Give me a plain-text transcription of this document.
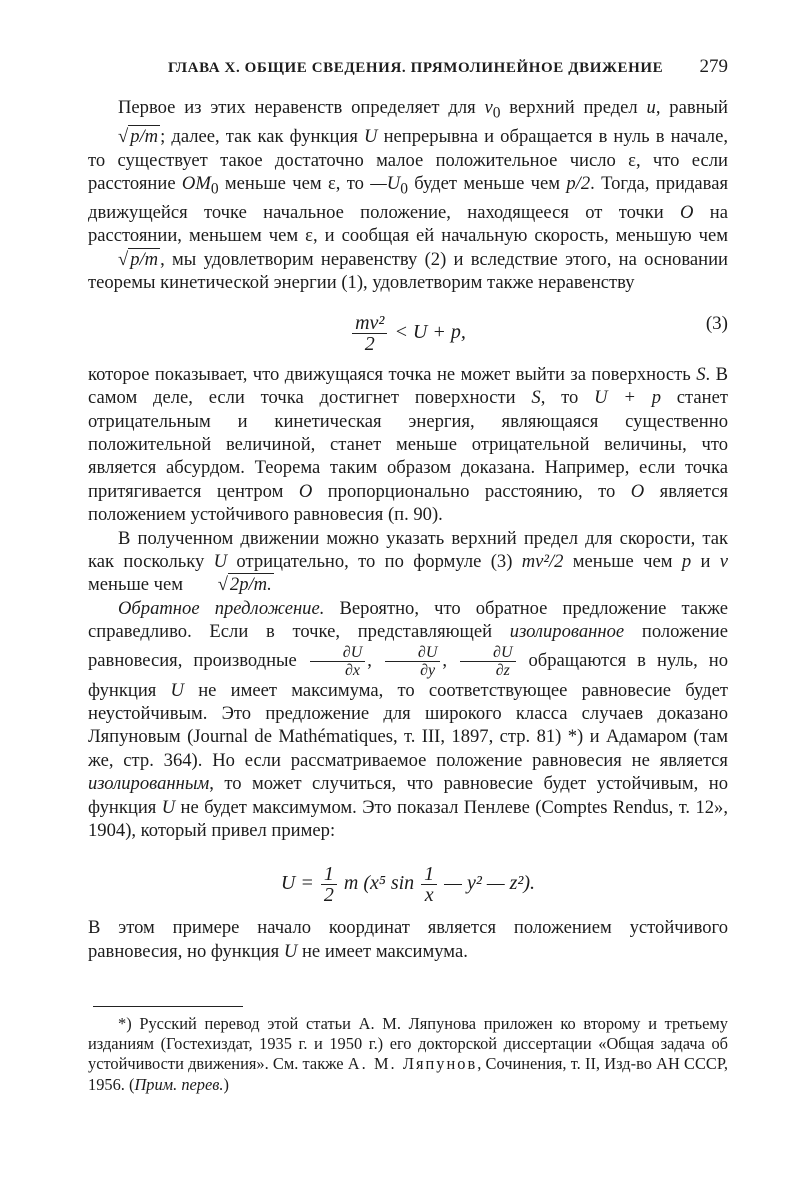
ГЛАВА X. ОБЩИЕ СВЕДЕНИЯ. ПРЯМОЛИНЕЙНОЕ ДВИЖЕНИЕ 279

Первое из этих неравенств определяет для $v_0$ верхний предел u, равный √ p/m ; далее, так как функция U непрерывна и обращается в нуль в начале, то существует такое достаточно малое положительное число ε, что если расстояние $OM_0$ меньше чем ε, то $—U_0$ будет меньше чем p/2. Тогда, придавая движущейся точке начальное положение, находящееся от точки O на расстоянии, меньшем чем ε, и сообщая ей начальную скорость, меньшую чем √ p/m , мы удовлетворим неравенству (2) и вследствие этого, на основании теоремы кинетической энергии (1), удовлетворим также неравенству

$\frac{\text{mv²}}{2} < U + p$,	(3)

которое показывает, что движущаяся точка не может выйти за поверхность S. В самом деле, если точка достигнет поверхности S, то U + p станет отрицательным и кинетическая энергия, являющаяся существенно положительной величиной, станет меньше отрицательной величины, что является абсурдом. Теорема таким образом доказана. Например, если точка притягивается центром O пропорционально расстоянию, то O является положением устойчивого равновесия (п. 90).

В полученном движении можно указать верхний предел для скорости, так как поскольку U отрицательно, то по формуле (3) mv²/2 меньше чем p и v меньше чем √ 2p/m.

Обратное предложение. Вероятно, что обратное предложение также справедливо. Если в точке, представляющей изолированное положение равновесия, производные $\frac{\partial U}{\partial x}$ , $\frac{\partial U}{\partial y}$ , $\frac{\partial U}{\partial z}$ обращаются в нуль, но функция U не имеет максимума, то соответствующее равновесие будет неустойчивым. Это предложение для широкого класса случаев доказано Ляпуновым (Journal de Mathématiques, т. III, 1897, стр. 81) *) и Адамаром (там же, стр. 364). Но если рассматриваемое положение равновесия не является изолированным, то может случиться, что равновесие будет устойчивым, но функция U не будет максимумом. Это показал Пенлеве (Comptes Rendus, т. 12», 1904), который привел пример:

$U = \frac{1}{2}$ m (x⁵ $\sin \frac{1}{x}$ — y² — z²).

В этом примере начало координат является положением устойчивого равновесия, но функция U не имеет максимума.

*) Русский перевод этой статьи А. М. Ляпунова приложен ко второму и третьему изданиям (Гостехиздат, 1935 г. и 1950 г.) его докторской диссертации «Общая задача об устойчивости движения». См. также А. М. Ляпунов, Сочинения, т. II, Изд-во АН СССР, 1956. (Прим. перев.)
